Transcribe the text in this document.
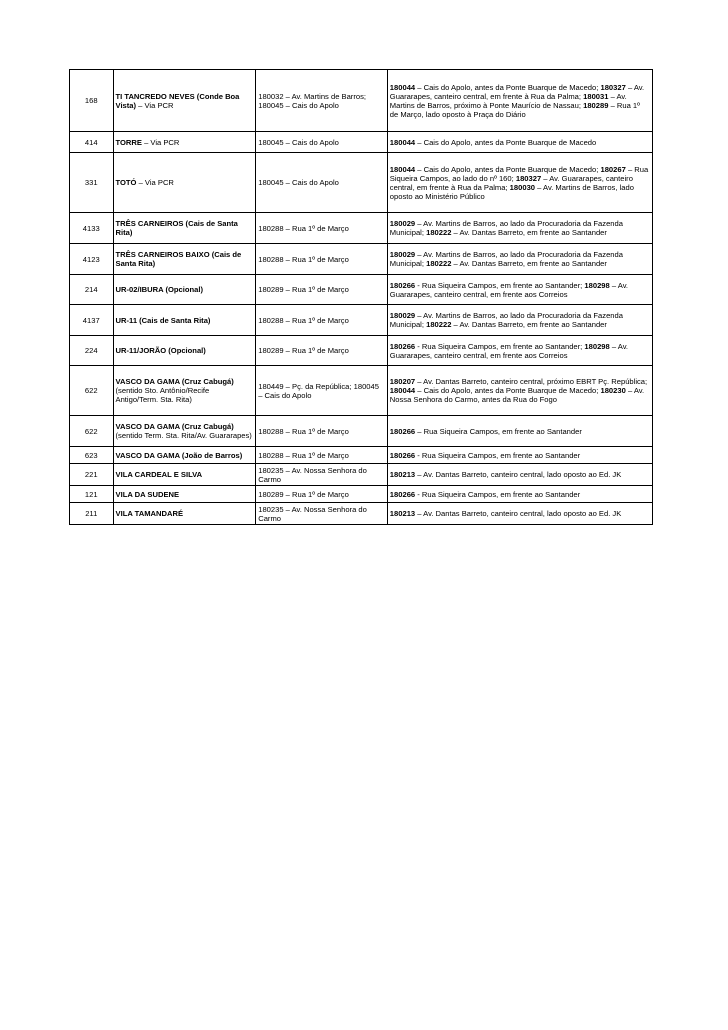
168	TI TANCREDO NEVES (Conde Boa Vista) – Via PCR	180032 – Av. Martins de Barros; 180045 – Cais do Apolo	180044 – Cais do Apolo, antes da Ponte Buarque de Macedo; 180327 – Av. Guararapes, canteiro central, em frente à Rua da Palma; 180031 – Av. Martins de Barros, próximo à Ponte Maurício de Nassau; 180289 – Rua 1º de Março, lado oposto à Praça do Diário
414	TORRE – Via PCR	180045 – Cais do Apolo	180044 – Cais do Apolo, antes da Ponte Buarque de Macedo
331	TOTÓ – Via PCR	180045 – Cais do Apolo	180044 – Cais do Apolo, antes da Ponte Buarque de Macedo; 180267 – Rua Siqueira Campos, ao lado do nº 160; 180327 – Av. Guararapes, canteiro central, em frente à Rua da Palma; 180030 – Av. Martins de Barros, lado oposto ao Ministério Público
4133	TRÊS CARNEIROS (Cais de Santa Rita)	180288 – Rua 1º de Março	180029 – Av. Martins de Barros, ao lado da Procuradoria da Fazenda Municipal; 180222 – Av. Dantas Barreto, em frente ao Santander
4123	TRÊS CARNEIROS BAIXO (Cais de Santa Rita)	180288 – Rua 1º de Março	180029 – Av. Martins de Barros, ao lado da Procuradoria da Fazenda Municipal; 180222 – Av. Dantas Barreto, em frente ao Santander
214	UR-02/IBURA (Opcional)	180289 – Rua 1º de Março	180266 - Rua Siqueira Campos, em frente ao Santander; 180298 – Av. Guararapes, canteiro central, em frente aos Correios
4137	UR-11 (Cais de Santa Rita)	180288 – Rua 1º de Março	180029 – Av. Martins de Barros, ao lado da Procuradoria da Fazenda Municipal; 180222 – Av. Dantas Barreto, em frente ao Santander
224	UR-11/JORÃO (Opcional)	180289 – Rua 1º de Março	180266 - Rua Siqueira Campos, em frente ao Santander; 180298 – Av. Guararapes, canteiro central, em frente aos Correios
622	VASCO DA GAMA (Cruz Cabugá) (sentido Sto. Antônio/Recife Antigo/Term. Sta. Rita)	180449 – Pç. da República; 180045 – Cais do Apolo	180207 – Av. Dantas Barreto, canteiro central, próximo EBRT Pç. República; 180044 – Cais do Apolo, antes da Ponte Buarque de Macedo; 180230 – Av. Nossa Senhora do Carmo, antes da Rua do Fogo
622	VASCO DA GAMA (Cruz Cabugá) (sentido Term. Sta. Rita/Av. Guararapes)	180288 – Rua 1º de Março	180266 – Rua Siqueira Campos, em frente ao Santander
623	VASCO DA GAMA (João de Barros)	180288 – Rua 1º de Março	180266 - Rua Siqueira Campos, em frente ao Santander
221	VILA CARDEAL E SILVA	180235 – Av. Nossa Senhora do Carmo	180213 – Av. Dantas Barreto, canteiro central, lado oposto ao Ed. JK
121	VILA DA SUDENE	180289 – Rua 1º de Março	180266 - Rua Siqueira Campos, em frente ao Santander
211	VILA TAMANDARÉ	180235 – Av. Nossa Senhora do Carmo	180213 – Av. Dantas Barreto, canteiro central, lado oposto ao Ed. JK
